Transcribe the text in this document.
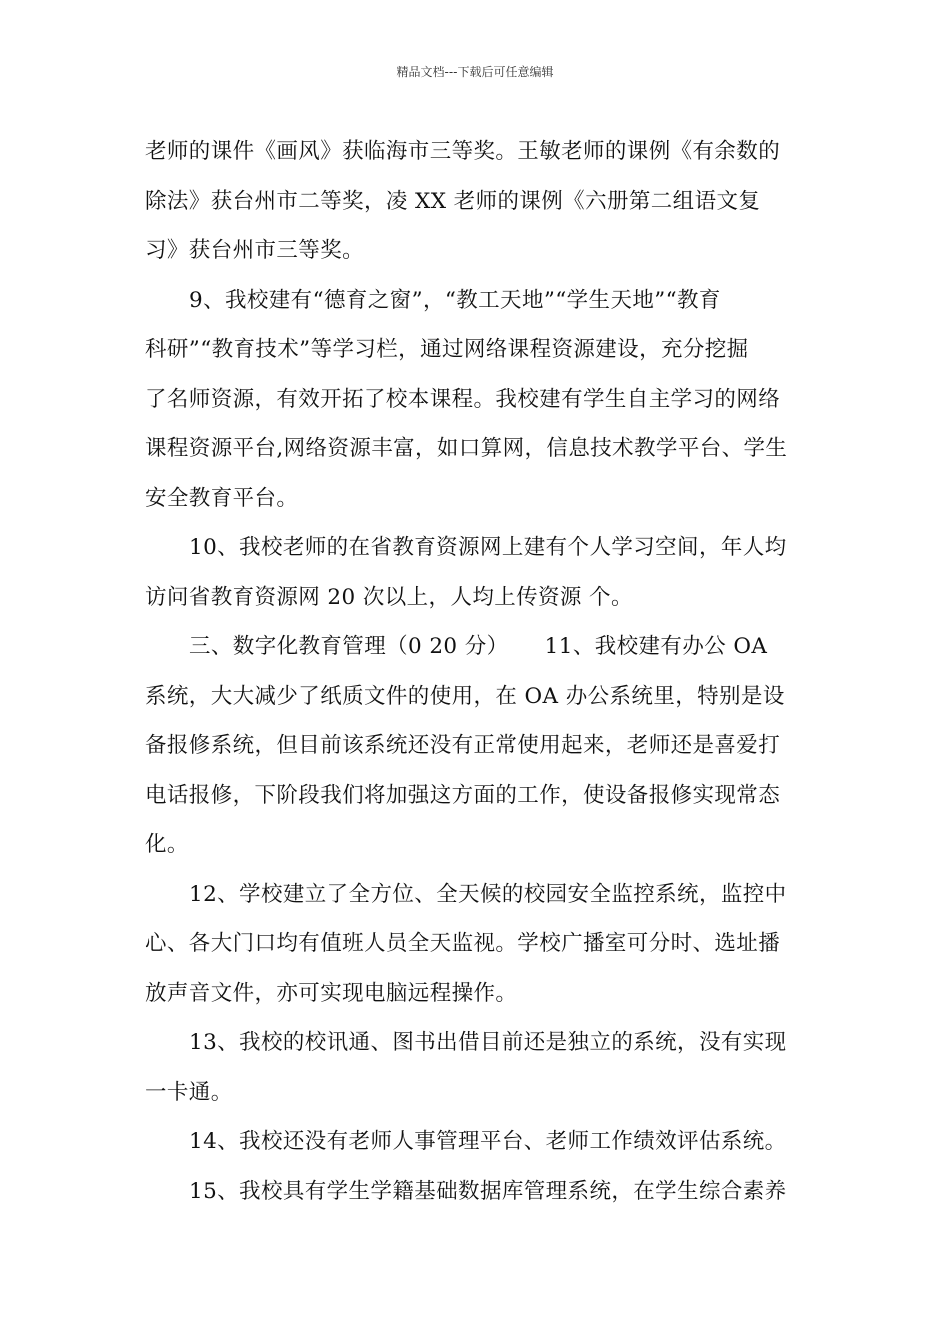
精品文档---下载后可任意编辑
老师的课件《画风》获临海市三等奖。王敏老师的课例《有余数的
除法》获台州市二等奖，凌 XX 老师的课例《六册第二组语文复
习》获台州市三等奖。
9、我校建有“德育之窗”，“教工天地”“学生天地”“教育
科研”“教育技术”等学习栏，通过网络课程资源建设，充分挖掘
了名师资源，有效开拓了校本课程。我校建有学生自主学习的网络
课程资源平台,网络资源丰富，如口算网，信息技术教学平台、学生
安全教育平台。
10、我校老师的在省教育资源网上建有个人学习空间，年人均
访问省教育资源网 20 次以上，人均上传资源 个。
三、数字化教育管理（0 20 分）     11、我校建有办公 OA
系统，大大减少了纸质文件的使用，在 OA 办公系统里，特别是设
备报修系统，但目前该系统还没有正常使用起来，老师还是喜爱打
电话报修，下阶段我们将加强这方面的工作，使设备报修实现常态
化。
12、学校建立了全方位、全天候的校园安全监控系统，监控中
心、各大门口均有值班人员全天监视。学校广播室可分时、选址播
放声音文件，亦可实现电脑远程操作。
13、我校的校讯通、图书出借目前还是独立的系统，没有实现
一卡通。
14、我校还没有老师人事管理平台、老师工作绩效评估系统。
15、我校具有学生学籍基础数据库管理系统，在学生综合素养
